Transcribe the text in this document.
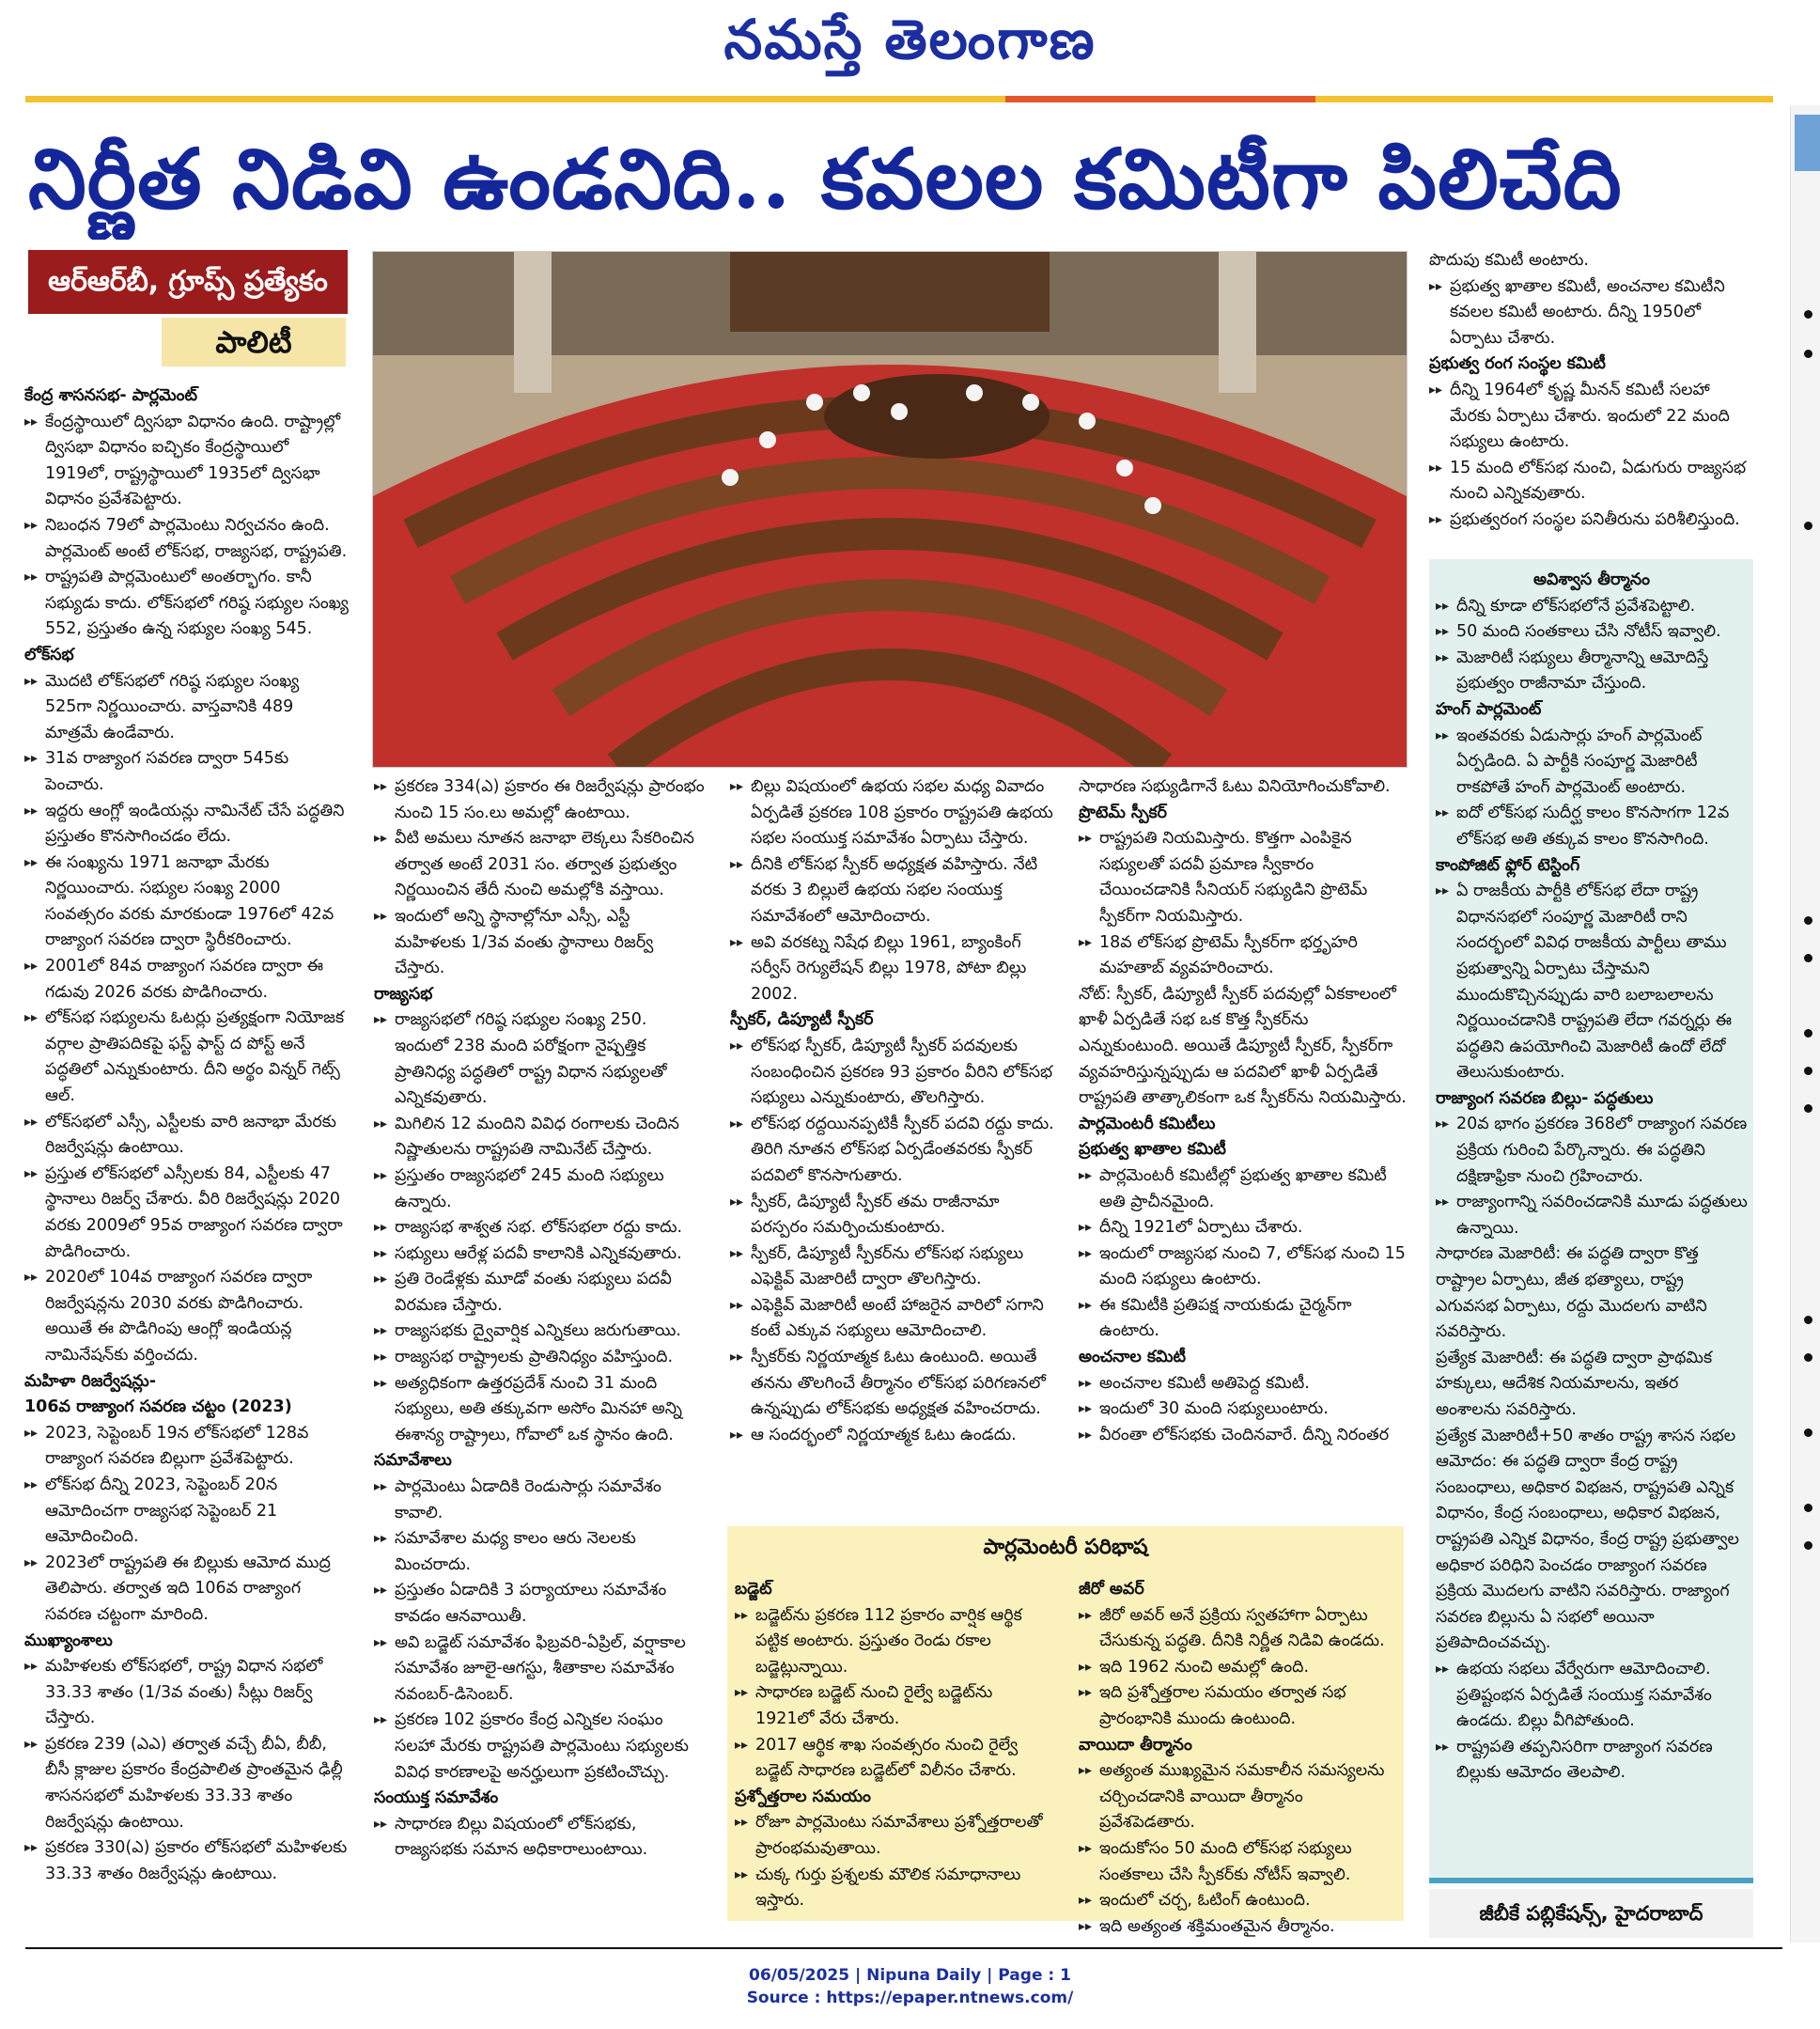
నమస్తే తెలంగాణ
నిర్ణీత నిడివి ఉండనిది.. కవలల కమిటీగా పిలిచేది
ఆర్ఆర్‌బీ, గ్రూప్స్ ప్రత్యేకం
పాలిటీ
కేంద్ర శాసనసభ- పార్లమెంట్
▸▸ కేంద్రస్థాయిలో ద్విసభా విధానం ఉంది. రాష్ట్రాల్లో ద్విసభా విధానం ఐచ్ఛికం కేంద్రస్థాయిలో 1919లో, రాష్ట్రస్థాయిలో 1935లో ద్విసభా విధానం ప్రవేశపెట్టారు.
▸▸ నిబంధన 79లో పార్లమెంటు నిర్వచనం ఉంది. పార్లమెంట్ అంటే లోక్‌సభ, రాజ్యసభ, రాష్ట్రపతి.
▸▸ రాష్ట్రపతి పార్లమెంటులో అంతర్భాగం. కానీ సభ్యుడు కాదు. లోక్‌సభలో గరిష్ఠ సభ్యుల సంఖ్య 552, ప్రస్తుతం ఉన్న సభ్యుల సంఖ్య 545.
లోక్‌సభ
▸▸ మొదటి లోక్‌సభలో గరిష్ఠ సభ్యుల సంఖ్య 525గా నిర్ణయించారు. వాస్తవానికి 489 మాత్రమే ఉండేవారు.
▸▸ 31వ రాజ్యాంగ సవరణ ద్వారా 545కు పెంచారు.
▸▸ ఇద్దరు ఆంగ్లో ఇండియన్లు నామినేట్ చేసే పద్ధతిని ప్రస్తుతం కొనసాగించడం లేదు.
▸▸ ఈ సంఖ్యను 1971 జనాభా మేరకు నిర్ణయించారు. సభ్యుల సంఖ్య 2000 సంవత్సరం వరకు మారకుండా 1976లో 42వ రాజ్యాంగ సవరణ ద్వారా స్థిరీకరించారు.
▸▸ 2001లో 84వ రాజ్యాంగ సవరణ ద్వారా ఈ గడువు 2026 వరకు పొడిగించారు.
▸▸ లోక్‌సభ సభ్యులను ఓటర్లు ప్రత్యక్షంగా నియోజక వర్గాల ప్రాతిపదికపై ఫస్ట్ ఫాస్ట్ ద పోస్ట్ అనే పద్ధతిలో ఎన్నుకుంటారు. దీని అర్థం విన్నర్ గెట్స్ ఆల్.
▸▸ లోక్‌సభలో ఎస్సీ, ఎస్టీలకు వారి జనాభా మేరకు రిజర్వేషన్లు ఉంటాయి.
▸▸ ప్రస్తుత లోక్‌సభలో ఎస్సీలకు 84, ఎస్టీలకు 47 స్థానాలు రిజర్వ్ చేశారు. వీరి రిజర్వేషన్లు 2020 వరకు 2009లో 95వ రాజ్యాంగ సవరణ ద్వారా పొడిగించారు.
▸▸ 2020లో 104వ రాజ్యాంగ సవరణ ద్వారా రిజర్వేషన్లను 2030 వరకు పొడిగించారు. అయితే ఈ పొడిగింపు ఆంగ్లో ఇండియన్ల నామినేషన్‌కు వర్తించదు.
మహిళా రిజర్వేషన్లు-
106వ రాజ్యాంగ సవరణ చట్టం (2023)
▸▸ 2023, సెప్టెంబర్ 19న లోక్‌సభలో 128వ రాజ్యాంగ సవరణ బిల్లుగా ప్రవేశపెట్టారు.
▸▸ లోక్‌సభ దీన్ని 2023, సెప్టెంబర్ 20న ఆమోదించగా రాజ్యసభ సెప్టెంబర్ 21 ఆమోదించింది.
▸▸ 2023లో రాష్ట్రపతి ఈ బిల్లుకు ఆమోద ముద్ర తెలిపారు. తర్వాత ఇది 106వ రాజ్యాంగ సవరణ చట్టంగా మారింది.
ముఖ్యాంశాలు
▸▸ మహిళలకు లోక్‌సభలో, రాష్ట్ర విధాన సభలో 33.33 శాతం (1/3వ వంతు) సీట్లు రిజర్వ్ చేస్తారు.
▸▸ ప్రకరణ 239 (ఎఎ) తర్వాత వచ్చే బీఏ, బీబీ, బీసీ క్లాజుల ప్రకారం కేంద్రపాలిత ప్రాంతమైన ఢిల్లీ శాసనసభలో మహిళలకు 33.33 శాతం రిజర్వేషన్లు ఉంటాయి.
▸▸ ప్రకరణ 330(ఎ) ప్రకారం లోక్‌సభలో మహిళలకు 33.33 శాతం రిజర్వేషన్లు ఉంటాయి.
▸▸ ప్రకరణ 334(ఎ) ప్రకారం ఈ రిజర్వేషన్లు ప్రారంభం నుంచి 15 సం.లు అమల్లో ఉంటాయి.
▸▸ వీటి అమలు నూతన జనాభా లెక్కలు సేకరించిన తర్వాత అంటే 2031 సం. తర్వాత ప్రభుత్వం నిర్ణయించిన తేదీ నుంచి అమల్లోకి వస్తాయి.
▸▸ ఇందులో అన్ని స్థానాల్లోనూ ఎస్సీ, ఎస్టీ మహిళలకు 1/3వ వంతు స్థానాలు రిజర్వ్ చేస్తారు.
రాజ్యసభ
▸▸ రాజ్యసభలో గరిష్ఠ సభ్యుల సంఖ్య 250. ఇందులో 238 మంది పరోక్షంగా నైష్పత్తిక ప్రాతినిధ్య పద్ధతిలో రాష్ట్ర విధాన సభ్యులతో ఎన్నికవుతారు.
▸▸ మిగిలిన 12 మందిని వివిధ రంగాలకు చెందిన నిష్ణాతులను రాష్ట్రపతి నామినేట్ చేస్తారు.
▸▸ ప్రస్తుతం రాజ్యసభలో 245 మంది సభ్యులు ఉన్నారు.
▸▸ రాజ్యసభ శాశ్వత సభ. లోక్‌సభలా రద్దు కాదు.
▸▸ సభ్యులు ఆరేళ్ల పదవీ కాలానికి ఎన్నికవుతారు.
▸▸ ప్రతి రెండేళ్లకు మూడో వంతు సభ్యులు పదవీ విరమణ చేస్తారు.
▸▸ రాజ్యసభకు ద్వైవార్షిక ఎన్నికలు జరుగుతాయి.
▸▸ రాజ్యసభ రాష్ట్రాలకు ప్రాతినిధ్యం వహిస్తుంది.
▸▸ అత్యధికంగా ఉత్తరప్రదేశ్ నుంచి 31 మంది సభ్యులు, అతి తక్కువగా అసోం మినహా అన్ని ఈశాన్య రాష్ట్రాలు, గోవాలో ఒక స్థానం ఉంది.
సమావేశాలు
▸▸ పార్లమెంటు ఏడాదికి రెండుసార్లు సమావేశం కావాలి.
▸▸ సమావేశాల మధ్య కాలం ఆరు నెలలకు మించరాదు.
▸▸ ప్రస్తుతం ఏడాదికి 3 పర్యాయాలు సమావేశం కావడం ఆనవాయితీ.
▸▸ అవి బడ్జెట్ సమావేశం ఫిబ్రవరి-ఏప్రిల్, వర్షాకాల సమావేశం జూలై-ఆగస్టు, శీతాకాల సమావేశం నవంబర్-డిసెంబర్.
▸▸ ప్రకరణ 102 ప్రకారం కేంద్ర ఎన్నికల సంఘం సలహా మేరకు రాష్ట్రపతి పార్లమెంటు సభ్యులకు వివిధ కారణాలపై అనర్హులుగా ప్రకటించొచ్చు.
సంయుక్త సమావేశం
▸▸ సాధారణ బిల్లు విషయంలో లోక్‌సభకు, రాజ్యసభకు సమాన అధికారాలుంటాయి.
▸▸ బిల్లు విషయంలో ఉభయ సభల మధ్య వివాదం ఏర్పడితే ప్రకరణ 108 ప్రకారం రాష్ట్రపతి ఉభయ సభల సంయుక్త సమావేశం ఏర్పాటు చేస్తారు.
▸▸ దీనికి లోక్‌సభ స్పీకర్ అధ్యక్షత వహిస్తారు. నేటి వరకు 3 బిల్లులే ఉభయ సభల సంయుక్త సమావేశంలో ఆమోదించారు.
▸▸ అవి వరకట్న నిషేధ బిల్లు 1961, బ్యాంకింగ్ సర్వీస్ రెగ్యులేషన్ బిల్లు 1978, పోటా బిల్లు 2002.
స్పీకర్, డిప్యూటీ స్పీకర్
▸▸ లోక్‌సభ స్పీకర్, డిప్యూటీ స్పీకర్ పదవులకు సంబంధించిన ప్రకరణ 93 ప్రకారం వీరిని లోక్‌సభ సభ్యులు ఎన్నుకుంటారు, తొలగిస్తారు.
▸▸ లోక్‌సభ రద్దయినప్పటికీ స్పీకర్ పదవి రద్దు కాదు. తిరిగి నూతన లోక్‌సభ ఏర్పడేంతవరకు స్పీకర్ పదవిలో కొనసాగుతారు.
▸▸ స్పీకర్, డిప్యూటీ స్పీకర్ తమ రాజీనామా పరస్పరం సమర్పించుకుంటారు.
▸▸ స్పీకర్, డిప్యూటీ స్పీకర్‌ను లోక్‌సభ సభ్యులు ఎఫెక్టివ్ మెజారిటీ ద్వారా తొలగిస్తారు.
▸▸ ఎఫెక్టివ్ మెజారిటీ అంటే హాజరైన వారిలో సగాని కంటే ఎక్కువ సభ్యులు ఆమోదించాలి.
▸▸ స్పీకర్‌కు నిర్ణయాత్మక ఓటు ఉంటుంది. అయితే తనను తొలగించే తీర్మానం లోక్‌సభ పరిగణనలో ఉన్నప్పుడు లోక్‌సభకు అధ్యక్షత వహించరాదు.
▸▸ ఆ సందర్భంలో నిర్ణయాత్మక ఓటు ఉండదు.
సాధారణ సభ్యుడిగానే ఓటు వినియోగించుకోవాలి.
ప్రొటెమ్ స్పీకర్
▸▸ రాష్ట్రపతి నియమిస్తారు. కొత్తగా ఎంపికైన సభ్యులతో పదవీ ప్రమాణ స్వీకారం చేయించడానికి సీనియర్ సభ్యుడిని ప్రొటెమ్ స్పీకర్‌గా నియమిస్తారు.
▸▸ 18వ లోక్‌సభ ప్రొటెమ్ స్పీకర్‌గా భర్తృహరి మహతాబ్ వ్యవహరించారు.
నోట్: స్పీకర్, డిప్యూటీ స్పీకర్ పదవుల్లో ఏకకాలంలో ఖాళీ ఏర్పడితే సభ ఒక కొత్త స్పీకర్‌ను ఎన్నుకుంటుంది. అయితే డిప్యూటీ స్పీకర్, స్పీకర్‌గా వ్యవహరిస్తున్నప్పుడు ఆ పదవిలో ఖాళీ ఏర్పడితే రాష్ట్రపతి తాత్కాలికంగా ఒక స్పీకర్‌ను నియమిస్తారు.
పార్లమెంటరీ కమిటీలు
ప్రభుత్వ ఖాతాల కమిటీ
▸▸ పార్లమెంటరీ కమిటీల్లో ప్రభుత్వ ఖాతాల కమిటీ అతి ప్రాచీనమైంది.
▸▸ దీన్ని 1921లో ఏర్పాటు చేశారు.
▸▸ ఇందులో రాజ్యసభ నుంచి 7, లోక్‌సభ నుంచి 15 మంది సభ్యులు ఉంటారు.
▸▸ ఈ కమిటీకి ప్రతిపక్ష నాయకుడు చైర్మన్‌గా ఉంటారు.
అంచనాల కమిటీ
▸▸ అంచనాల కమిటీ అతిపెద్ద కమిటీ.
▸▸ ఇందులో 30 మంది సభ్యులుంటారు.
▸▸ వీరంతా లోక్‌సభకు చెందినవారే. దీన్ని నిరంతర
పొదుపు కమిటీ అంటారు.
▸▸ ప్రభుత్వ ఖాతాల కమిటీ, అంచనాల కమిటీని కవలల కమిటీ అంటారు. దీన్ని 1950లో ఏర్పాటు చేశారు.
ప్రభుత్వ రంగ సంస్థల కమిటీ
▸▸ దీన్ని 1964లో కృష్ణ మీనన్ కమిటీ సలహా మేరకు ఏర్పాటు చేశారు. ఇందులో 22 మంది సభ్యులు ఉంటారు.
▸▸ 15 మంది లోక్‌సభ నుంచి, ఏడుగురు రాజ్యసభ నుంచి ఎన్నికవుతారు.
▸▸ ప్రభుత్వరంగ సంస్థల పనితీరును పరిశీలిస్తుంది.
అవిశ్వాస తీర్మానం
▸▸ దీన్ని కూడా లోక్‌సభలోనే ప్రవేశపెట్టాలి.
▸▸ 50 మంది సంతకాలు చేసి నోటీస్ ఇవ్వాలి.
▸▸ మెజారిటీ సభ్యులు తీర్మానాన్ని ఆమోదిస్తే ప్రభుత్వం రాజీనామా చేస్తుంది.
హంగ్ పార్లమెంట్
▸▸ ఇంతవరకు ఏడుసార్లు హంగ్ పార్లమెంట్ ఏర్పడింది. ఏ పార్టీకి సంపూర్ణ మెజారిటీ రాకపోతే హంగ్ పార్లమెంట్ అంటారు.
▸▸ ఐదో లోక్‌సభ సుదీర్ఘ కాలం కొనసాగగా 12వ లోక్‌సభ అతి తక్కువ కాలం కొనసాగింది.
కాంపోజిట్ ఫ్లోర్ టెస్టింగ్
▸▸ ఏ రాజకీయ పార్టీకి లోక్‌సభ లేదా రాష్ట్ర విధానసభలో సంపూర్ణ మెజారిటీ రాని సందర్భంలో వివిధ రాజకీయ పార్టీలు తాము ప్రభుత్వాన్ని ఏర్పాటు చేస్తామని ముందుకొచ్చినప్పుడు వారి బలాబలాలను నిర్ణయించడానికి రాష్ట్రపతి లేదా గవర్నర్లు ఈ పద్ధతిని ఉపయోగించి మెజారిటీ ఉందో లేదో తెలుసుకుంటారు.
రాజ్యాంగ సవరణ బిల్లు- పద్ధతులు
▸▸ 20వ భాగం ప్రకరణ 368లో రాజ్యాంగ సవరణ ప్రక్రియ గురించి పేర్కొన్నారు. ఈ పద్ధతిని దక్షిణాఫ్రికా నుంచి గ్రహించారు.
▸▸ రాజ్యాంగాన్ని సవరించడానికి మూడు పద్ధతులు ఉన్నాయి.
సాధారణ మెజారిటీ: ఈ పద్ధతి ద్వారా కొత్త రాష్ట్రాల ఏర్పాటు, జీత భత్యాలు, రాష్ట్ర ఎగువసభ ఏర్పాటు, రద్దు మొదలగు వాటిని సవరిస్తారు.
ప్రత్యేక మెజారిటీ: ఈ పద్ధతి ద్వారా ప్రాథమిక హక్కులు, ఆదేశిక నియమాలను, ఇతర అంశాలను సవరిస్తారు.
ప్రత్యేక మెజారిటీ+50 శాతం రాష్ట్ర శాసన సభల ఆమోదం: ఈ పద్ధతి ద్వారా కేంద్ర రాష్ట్ర సంబంధాలు, అధికార విభజన, రాష్ట్రపతి ఎన్నిక విధానం, కేంద్ర సంబంధాలు, అధికార విభజన, రాష్ట్రపతి ఎన్నిక విధానం, కేంద్ర రాష్ట్ర ప్రభుత్వాల అధికార పరిధిని పెంచడం రాజ్యాంగ సవరణ ప్రక్రియ మొదలగు వాటిని సవరిస్తారు. రాజ్యాంగ సవరణ బిల్లును ఏ సభలో అయినా ప్రతిపాదించవచ్చు.
▸▸ ఉభయ సభలు వేర్వేరుగా ఆమోదించాలి. ప్రతిష్టంభన ఏర్పడితే సంయుక్త సమావేశం ఉండదు. బిల్లు వీగిపోతుంది.
▸▸ రాష్ట్రపతి తప్పనిసరిగా రాజ్యాంగ సవరణ బిల్లుకు ఆమోదం తెలపాలి.
పార్లమెంటరీ పరిభాష
బడ్జెట్
▸▸ బడ్జెట్‌ను ప్రకరణ 112 ప్రకారం వార్షిక ఆర్థిక పట్టిక అంటారు. ప్రస్తుతం రెండు రకాల బడ్జెట్లున్నాయి.
▸▸ సాధారణ బడ్జెట్ నుంచి రైల్వే బడ్జెట్‌ను 1921లో వేరు చేశారు.
▸▸ 2017 ఆర్థిక శాఖ సంవత్సరం నుంచి రైల్వే బడ్జెట్ సాధారణ బడ్జెట్‌లో విలీనం చేశారు.
ప్రశ్నోత్తరాల సమయం
▸▸ రోజూ పార్లమెంటు సమావేశాలు ప్రశ్నోత్తరాలతో ప్రారంభమవుతాయి.
▸▸ చుక్క గుర్తు ప్రశ్నలకు మౌలిక సమాధానాలు ఇస్తారు.
జీరో అవర్
▸▸ జీరో అవర్ అనే ప్రక్రియ స్వతహాగా ఏర్పాటు చేసుకున్న పద్ధతి. దీనికి నిర్ణీత నిడివి ఉండదు.
▸▸ ఇది 1962 నుంచి అమల్లో ఉంది.
▸▸ ఇది ప్రశ్నోత్తరాల సమయం తర్వాత సభ ప్రారంభానికి ముందు ఉంటుంది.
వాయిదా తీర్మానం
▸▸ అత్యంత ముఖ్యమైన సమకాలీన సమస్యలను చర్చించడానికి వాయిదా తీర్మానం ప్రవేశపెడతారు.
▸▸ ఇందుకోసం 50 మంది లోక్‌సభ సభ్యులు సంతకాలు చేసి స్పీకర్‌కు నోటీస్ ఇవ్వాలి.
▸▸ ఇందులో చర్చ, ఓటింగ్ ఉంటుంది.
▸▸ ఇది అత్యంత శక్తిమంతమైన తీర్మానం.
జీబీకే పబ్లికేషన్స్, హైదరాబాద్
06/05/2025 | Nipuna Daily | Page : 1
Source : https://epaper.ntnews.com/
